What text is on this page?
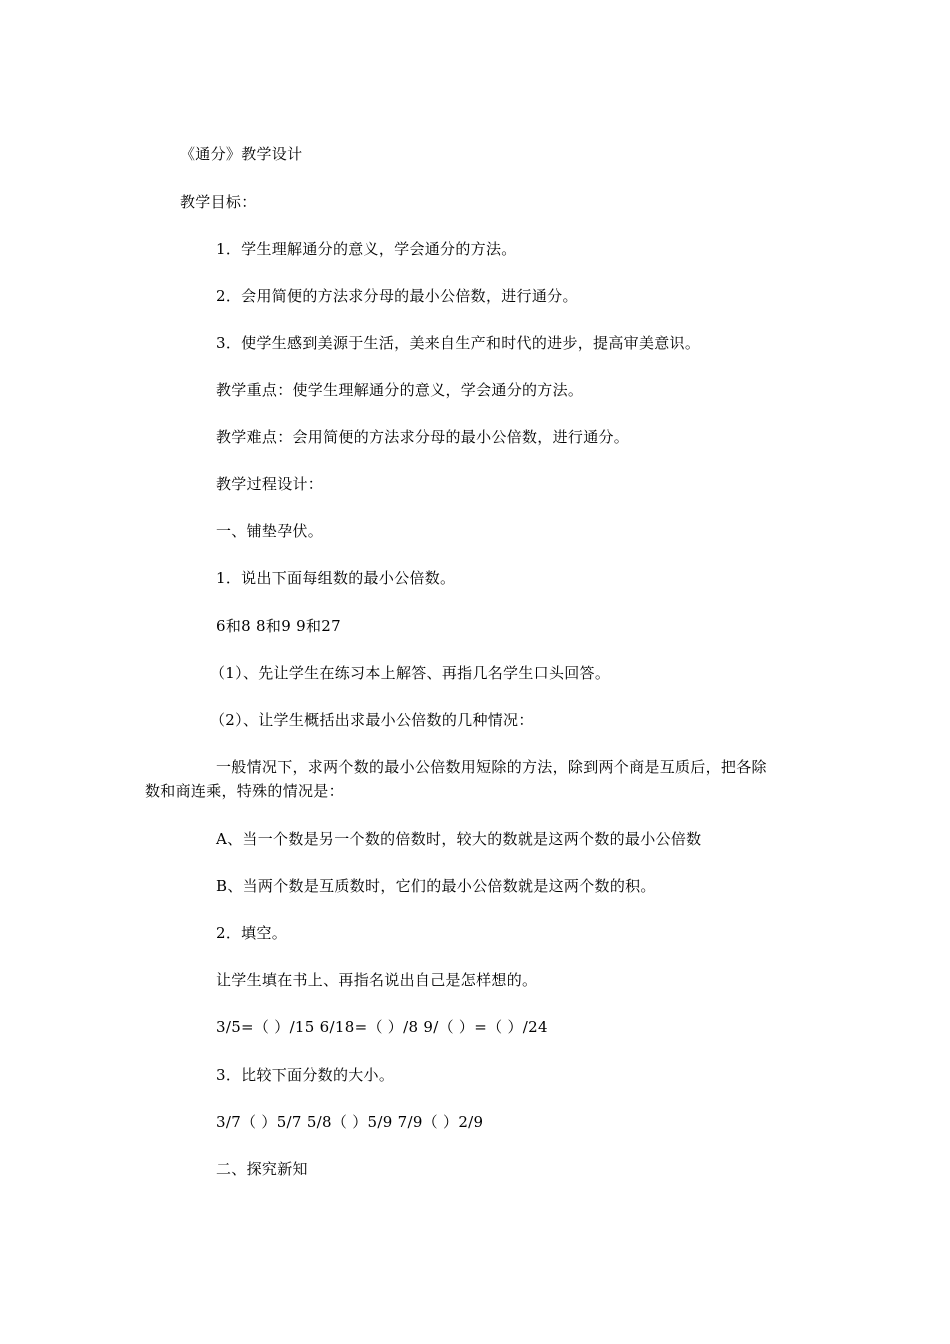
《通分》教学设计
教学目标：
1．学生理解通分的意义，学会通分的方法。
2．会用简便的方法求分母的最小公倍数，进行通分。
3．使学生感到美源于生活，美来自生产和时代的进步，提高审美意识。
教学重点：使学生理解通分的意义，学会通分的方法。
教学难点：会用简便的方法求分母的最小公倍数，进行通分。
教学过程设计：
一、铺垫孕伏。
1．说出下面每组数的最小公倍数。
6和8 8和9 9和27
（1）、先让学生在练习本上解答、再指几名学生口头回答。
（2）、让学生概括出求最小公倍数的几种情况：
一般情况下，求两个数的最小公倍数用短除的方法，除到两个商是互质后，把各除
数和商连乘，特殊的情况是：
A、当一个数是另一个数的倍数时，较大的数就是这两个数的最小公倍数
B、当两个数是互质数时，它们的最小公倍数就是这两个数的积。
2．填空。
让学生填在书上、再指名说出自己是怎样想的。
3/5=（ ）/15 6/18=（ ）/8 9/（ ）=（ ）/24
3．比较下面分数的大小。
3/7（ ）5/7 5/8（ ）5/9 7/9（ ）2/9
二、探究新知
